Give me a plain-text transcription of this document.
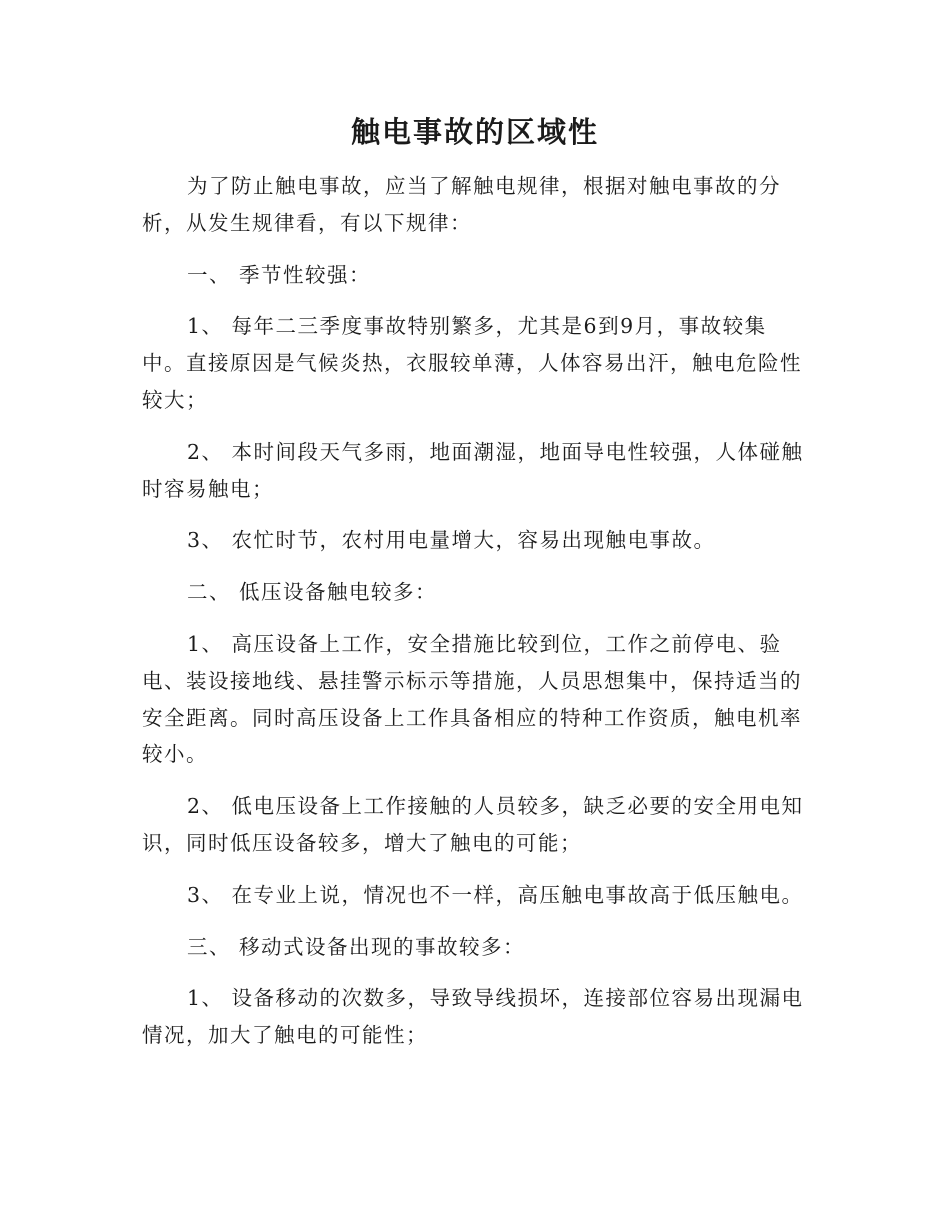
触电事故的区域性

为了防止触电事故，应当了解触电规律，根据对触电事故的分析，从发生规律看，有以下规律：

一、 季节性较强：

1、 每年二三季度事故特别繁多，尤其是6到9月，事故较集中。直接原因是气候炎热，衣服较单薄，人体容易出汗，触电危险性较大；

2、 本时间段天气多雨，地面潮湿，地面导电性较强，人体碰触时容易触电；

3、 农忙时节，农村用电量增大，容易出现触电事故。

二、 低压设备触电较多：

1、 高压设备上工作，安全措施比较到位，工作之前停电、验电、装设接地线、悬挂警示标示等措施，人员思想集中，保持适当的安全距离。同时高压设备上工作具备相应的特种工作资质，触电机率较小。

2、 低电压设备上工作接触的人员较多，缺乏必要的安全用电知识，同时低压设备较多，增大了触电的可能；

3、 在专业上说，情况也不一样，高压触电事故高于低压触电。

三、 移动式设备出现的事故较多：

1、 设备移动的次数多，导致导线损坏，连接部位容易出现漏电情况，加大了触电的可能性；
